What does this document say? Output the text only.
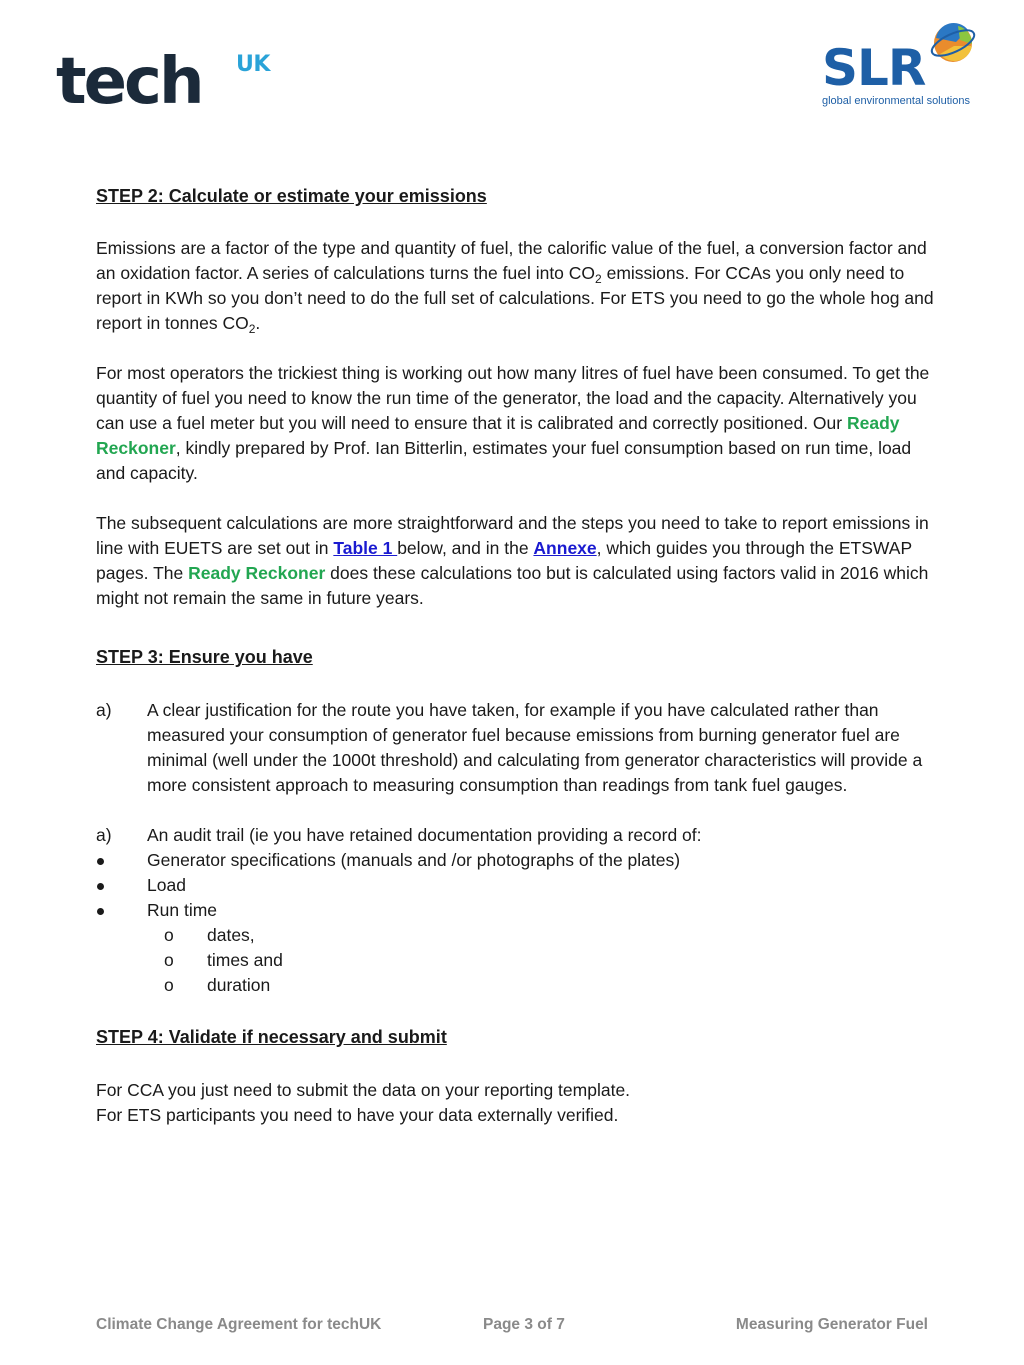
tech UK	SLR
global environmental solutions

STEP 2: Calculate or estimate your emissions

Emissions are a factor of the type and quantity of fuel, the calorific value of the fuel, a conversion factor and an oxidation factor. A series of calculations turns the fuel into $CO_2$ emissions. For CCAs you only need to report in KWh so you don’t need to do the full set of calculations. For ETS you need to go the whole hog and report in tonnes $CO_2$.

For most operators the trickiest thing is working out how many litres of fuel have been consumed. To get the quantity of fuel you need to know the run time of the generator, the load and the capacity. Alternatively you can use a fuel meter but you will need to ensure that it is calibrated and correctly positioned. Our Ready Reckoner, kindly prepared by Prof. Ian Bitterlin, estimates your fuel consumption based on run time, load and capacity.

The subsequent calculations are more straightforward and the steps you need to take to report emissions in line with EUETS are set out in Table 1 below, and in the Annexe, which guides you through the ETSWAP pages. The Ready Reckoner does these calculations too but is calculated using factors valid in 2016 which might not remain the same in future years.

STEP 3: Ensure you have

a) A clear justification for the route you have taken, for example if you have calculated rather than measured your consumption of generator fuel because emissions from burning generator fuel are minimal (well under the 1000t threshold) and calculating from generator characteristics will provide a more consistent approach to measuring consumption than readings from tank fuel gauges.
a) An audit trail (ie you have retained documentation providing a record of:
Generator specifications (manuals and /or photographs of the plates)
Load
Run time
o dates,
o times and
o duration

STEP 4: Validate if necessary and submit

For CCA you just need to submit the data on your reporting template.

For ETS participants you need to have your data externally verified.

Climate Change Agreement for techUK	Page 3 of 7	Measuring Generator Fuel
